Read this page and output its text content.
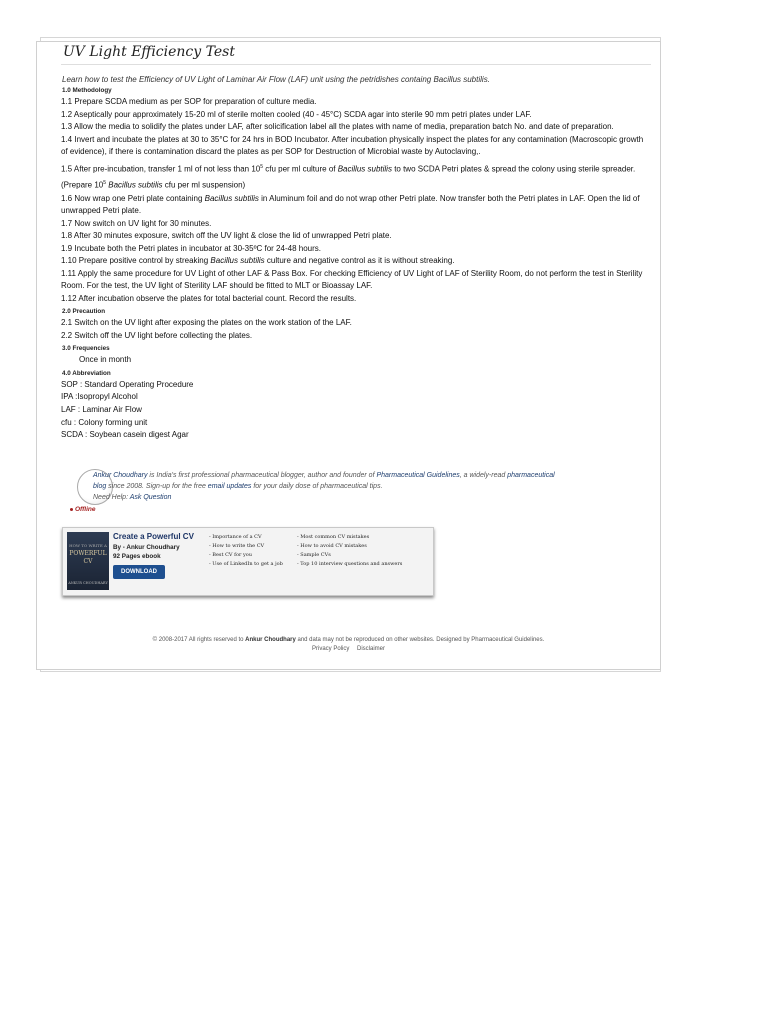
UV Light Efficiency Test
Learn how to test the Efficiency of UV Light of Laminar Air Flow (LAF) unit using the petridishes containg Bacillus subtilis.
1.0 Methodology

1.1 Prepare SCDA medium as per SOP for preparation of culture media.

1.2 Aseptically pour approximately 15-20 ml of sterile molten cooled (40 - 45°C) SCDA agar into sterile 90 mm petri plates under LAF.

1.3 Allow the media to solidify the plates under LAF, after solicification label all the plates with name of media, preparation batch No. and date of preparation.

1.4 Invert and incubate the plates at 30 to 35°C for 24 hrs in BOD Incubator. After incubation physically inspect the plates for any contamination (Macroscopic growth of evidence), if there is contamination discard the plates as per SOP for Destruction of Microbial waste by Autoclaving,.

1.5 After pre-incubation, transfer 1 ml of not less than $10^5$ cfu per ml culture of Bacillus subtilis to two SCDA Petri plates & spread the colony using sterile spreader. (Prepare $10^5$ Bacillus subtilis cfu per ml suspension)

1.6 Now wrap one Petri plate containing Bacillus subtilis in Aluminum foil and do not wrap other Petri plate. Now transfer both the Petri plates in LAF. Open the lid of unwrapped Petri plate.

1.7 Now switch on UV light for 30 minutes.

1.8 After 30 minutes exposure, switch off the UV light & close the lid of unwrapped Petri plate.

1.9 Incubate both the Petri plates in incubator at 30-35ºC for 24-48 hours.

1.10 Prepare positive control by streaking Bacillus subtilis culture and negative control as it is without streaking.

1.11 Apply the same procedure for UV Light of other LAF & Pass Box. For checking Efficiency of UV Light of LAF of Sterility Room, do not perform the test in Sterility Room. For the test, the UV light of Sterility LAF should be fitted to MLT or Bioassay LAF.

1.12 After incubation observe the plates for total bacterial count. Record the results.

2.0 Precaution

2.1 Switch on the UV light after exposing the plates on the work station of the LAF.

2.2 Switch off the UV light before collecting the plates.

3.0 Frequencies

Once in month

4.0 Abbreviation

SOP : Standard Operating Procedure

IPA :Isopropyl Alcohol

LAF : Laminar Air Flow

cfu : Colony forming unit

SCDA : Soybean casein digest Agar

Offline
Ankur Choudhary is India's first professional pharmaceutical blogger, author and founder of Pharmaceutical Guidelines, a widely-read pharmaceutical
blog since 2008. Sign-up for the free email updates for your daily dose of pharmaceutical tips.
Need Help: Ask Question
HOW TO WRITE A
POWERFUL
CV
ANKUR CHOUDHARY
Create a Powerful CV
By - Ankur Choudhary
92 Pages ebook
DOWNLOAD
- Importance of a CV
- How to write the CV
- Best CV for you
- Use of LinkedIn to get a job
- Most common CV mistakes
- How to avoid CV mistakes
- Sample CVs
- Top 10 interview questions and answers
© 2008-2017 All rights reserved to Ankur Choudhary and data may not be reproduced on other websites. Designed by Pharmaceutical Guidelines.
Privacy Policy Disclaimer
